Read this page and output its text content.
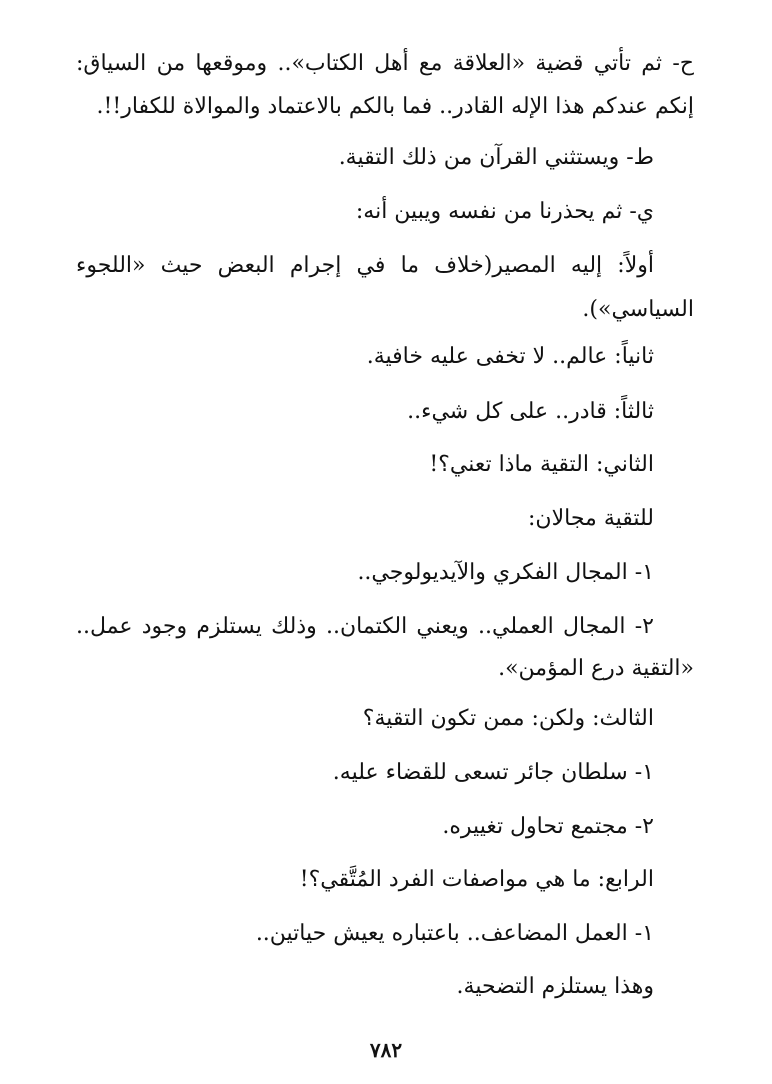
ح- ثم تأتي قضية «العلاقة مع أهل الكتاب».. وموقعها من السياق:
إنكم عندكم هذا الإله القادر.. فما بالكم بالاعتماد والموالاة للكفار!!.
ط- ويستثني القرآن من ذلك التقية.
ي- ثم يحذرنا من نفسه ويبين أنه:
أولاً: إليه المصير(خلاف ما في إجرام البعض حيث «اللجوء
السياسي»).
ثانياً: عالم.. لا تخفى عليه خافية.
ثالثاً: قادر.. على كل شيء..
الثاني: التقية ماذا تعني؟!
للتقية مجالان:
١- المجال الفكري والآيديولوجي..
٢- المجال العملي.. ويعني الكتمان.. وذلك يستلزم وجود عمل..
«التقية درع المؤمن».
الثالث: ولكن: ممن تكون التقية؟
١- سلطان جائر تسعى للقضاء عليه.
٢- مجتمع تحاول تغييره.
الرابع: ما هي مواصفات الفرد المُتَّقي؟!
١- العمل المضاعف.. باعتباره يعيش حياتين..
وهذا يستلزم التضحية.
٧٨٢
